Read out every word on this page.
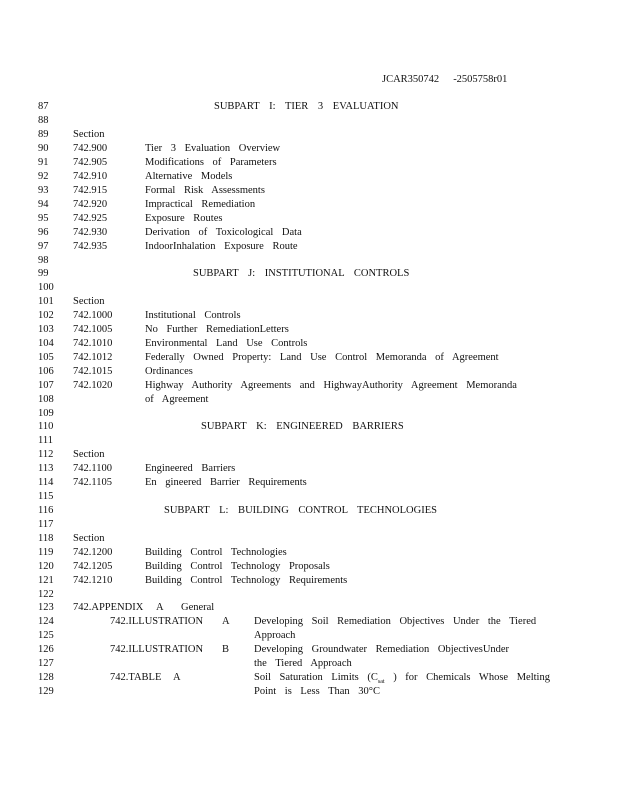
JCAR350742 -2505758r01
87	SUBPART I: TIER 3 EVALUATION
88
89 Section
90 742.900	Tier 3 Evaluation Overview
91 742.905	Modifications of Parameters
92 742.910	Alternative Models
93 742.915	Formal Risk Assessments
94 742.920	Impractical Remediation
95 742.925	Exposure Routes
96 742.930	Derivation of Toxicological Data
97 742.935	IndoorInhalation Exposure Route
98
99	SUBPART J: INSTITUTIONAL CONTROLS
100
101 Section
102 742.1000	Institutional Controls
103 742.1005	No Further RemediationLetters
104 742.1010	Environmental Land Use Controls
105 742.1012	Federally Owned Property: Land Use Control Memoranda of Agreement
106 742.1015	Ordinances
107 742.1020	Highway Authority Agreements and HighwayAuthority Agreement Memoranda
108	of Agreement
109
110	SUBPART K: ENGINEERED BARRIERS
111
112 Section
113 742.1100	Engineered Barriers
114 742.1105	En gineered Barrier Requirements
115
116	SUBPART L: BUILDING CONTROL TECHNOLOGIES
117
118 Section
119 742.1200	Building Control Technologies
120 742.1205	Building Control Technology Proposals
121 742.1210	Building Control Technology Requirements
122
123 742.APPENDIX A General
124	742.ILLUSTRATION A Developing Soil Remediation Objectives Under the Tiered
125	Approach
126	742.ILLUSTRATION B Developing Groundwater Remediation ObjectivesUnder
127	the Tiered Approach
128	742.TABLE A	Soil Saturation Limits ($C_{sat}$ ) for Chemicals Whose Melting
129	Point is Less Than 30°C
